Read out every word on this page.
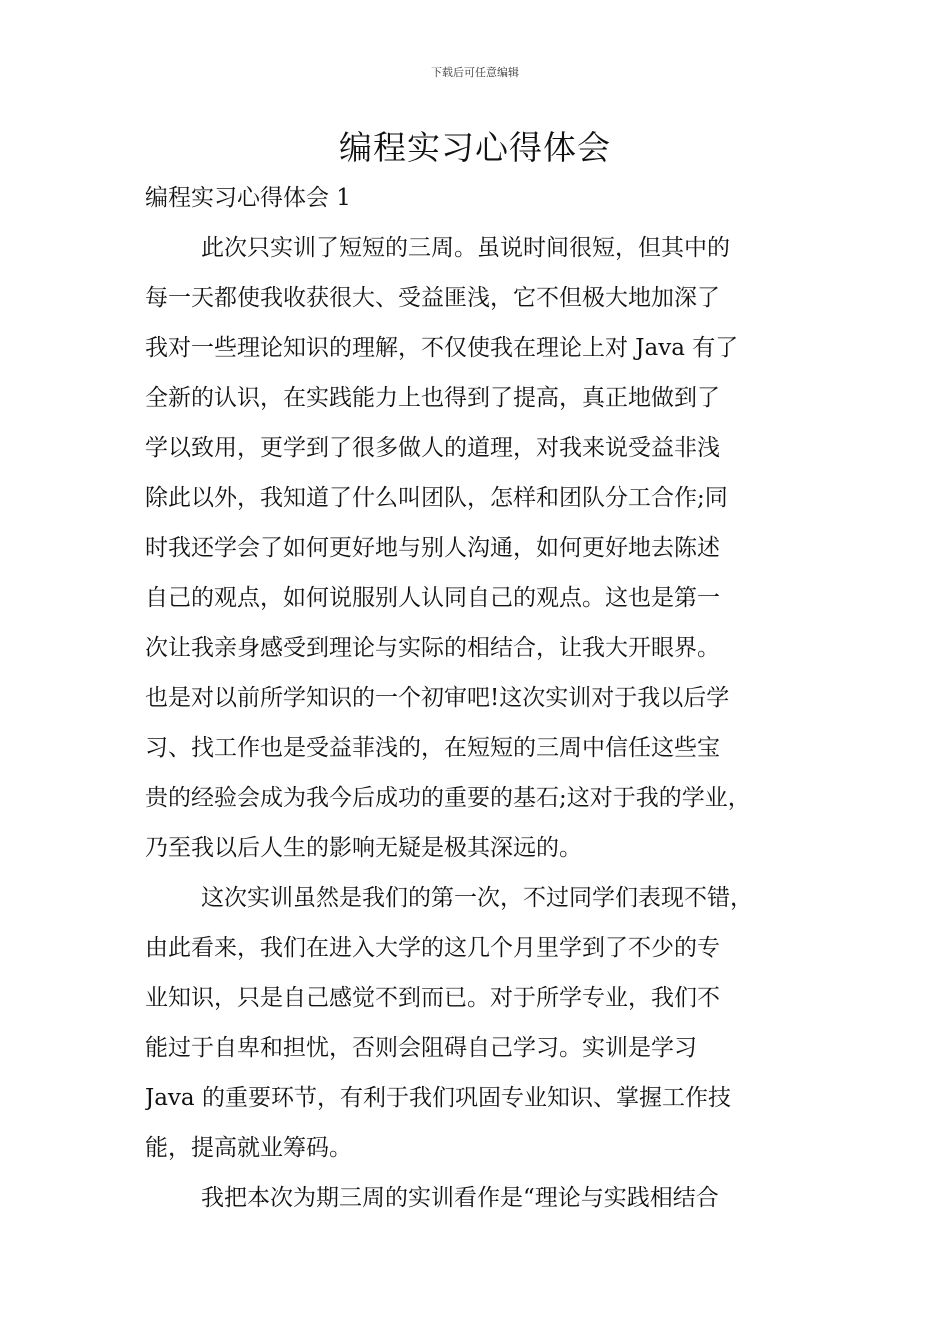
下载后可任意编辑
编程实习心得体会
编程实习心得体会 1
此次只实训了短短的三周。虽说时间很短，但其中的
每一天都使我收获很大、受益匪浅，它不但极大地加深了
我对一些理论知识的理解，不仅使我在理论上对 Java 有了
全新的认识，在实践能力上也得到了提高，真正地做到了
学以致用，更学到了很多做人的道理，对我来说受益非浅
除此以外，我知道了什么叫团队，怎样和团队分工合作;同
时我还学会了如何更好地与别人沟通，如何更好地去陈述
自己的观点，如何说服别人认同自己的观点。这也是第一
次让我亲身感受到理论与实际的相结合，让我大开眼界。
也是对以前所学知识的一个初审吧!这次实训对于我以后学
习、找工作也是受益菲浅的，在短短的三周中信任这些宝
贵的经验会成为我今后成功的重要的基石;这对于我的学业，
乃至我以后人生的影响无疑是极其深远的。
这次实训虽然是我们的第一次，不过同学们表现不错，
由此看来，我们在进入大学的这几个月里学到了不少的专
业知识，只是自己感觉不到而已。对于所学专业，我们不
能过于自卑和担忧，否则会阻碍自己学习。实训是学习
Java 的重要环节，有利于我们巩固专业知识、掌握工作技
能，提高就业筹码。
我把本次为期三周的实训看作是“理论与实践相结合
